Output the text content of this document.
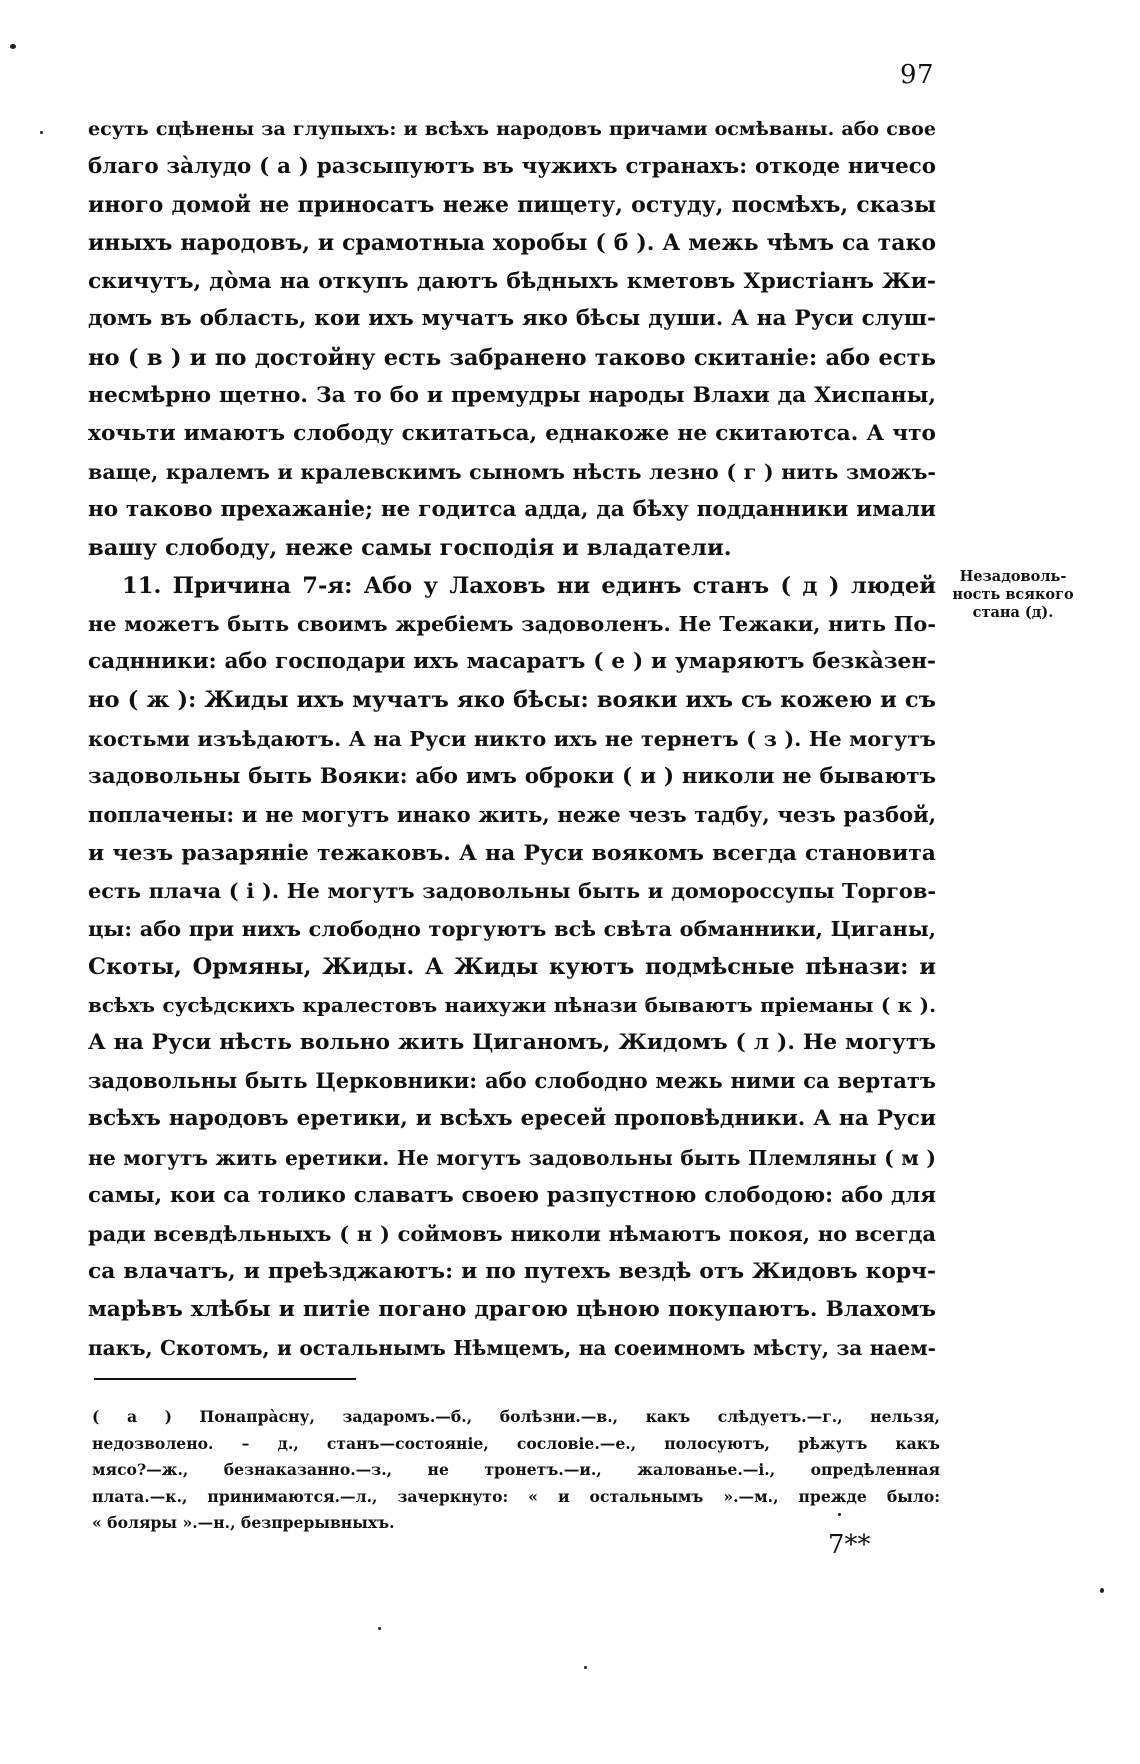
97
есуть сцѣнены за глупыхъ: и всѣхъ народовъ причами осмѣваны. або свое
благо за̀лудо ( а ) разсыпуютъ въ чужихъ странахъ: откоде ничесо
иного домой не приносатъ неже пищету, остуду, посмѣхъ, сказы
иныхъ народовъ, и срамотныа хоробы ( б ). А межь чѣмъ са тако
скичутъ, до̀ма на откупъ даютъ бѣдныхъ кметовъ Христіанъ Жи-
домъ въ область, кои ихъ мучатъ яко бѣсы души. А на Руси слуш-
но ( в ) и по достойну есть забранено таково скитаніе: або есть
несмѣрно щетно. За то бо и премудры народы Влахи да Хиспаны,
хочьти имаютъ слободу скитатьса, еднакоже не скитаютса. А что
ваще, кралемъ и кралевскимъ сыномъ нѣсть лезно ( г ) нить зможъ-
но таково прехажаніе; не годитса адда, да бѣху подданники имали
вашу слободу, неже самы господія и владатели.
11. Причина 7-я: Або у Лаховъ ни единъ станъ ( д ) людей
не можетъ быть своимъ жребіемъ задоволенъ. Не Тежаки, нить По-
саднники: або господари ихъ масаратъ ( е ) и умаряютъ безка̀зен-
но ( ж ): Жиды ихъ мучатъ яко бѣсы: вояки ихъ съ кожею и съ
костьми изъѣдаютъ. А на Руси никто ихъ не тернетъ ( з ). Не могутъ
задовольны быть Вояки: або имъ оброки ( и ) николи не бываютъ
поплачены: и не могутъ инако жить, неже чезъ тадбу, чезъ разбой,
и чезъ разаряніе тежаковъ. А на Руси воякомъ всегда становита
есть плача ( і ). Не могутъ задовольны быть и доморoccупы Торгов-
цы: або при нихъ слободно торгуютъ всѣ свѣта обманники, Циганы,
Скоты, Ормяны, Жиды. А Жиды куютъ подмѣсные пѣнази: и
всѣхъ сусѣдскихъ кралестовъ наихужи пѣнази бываютъ пріеманы ( к ).
А на Руси нѣсть вольно жить Циганомъ, Жидомъ ( л ). Не могутъ
задовольны быть Церковники: або слободно межь ними са вертатъ
всѣхъ народовъ еретики, и всѣхъ ересей проповѣдники. А на Руси
не могутъ жить еретики. Не могутъ задовольны быть Племляны ( м )
самы, кои са толико славатъ своею разпустною слободою: або для
ради всевдѣльныхъ ( н ) соймовъ николи нѣмаютъ покоя, но всегда
са влачатъ, и преѣзджаютъ: и по путехъ вездѣ отъ Жидовъ корч-
марѣвъ хлѣбы и питіе погано драгою цѣною покупаютъ. Влахомъ
пакъ, Скотомъ, и остальнымъ Нѣмцемъ, на соеимномъ мѣсту, за наем-
Незадоволь-
ность всякого
стана (д).
( а ) Понапра̀сну, задаромъ.—б., болѣзни.—в., какъ слѣдуетъ.—г., нельзя,
недозволено. – д., станъ—состояніе, сословіе.—е., полосуютъ, рѣжутъ какъ
мясо?—ж., безнаказанно.—з., не тронетъ.—и., жалованье.—і., опредѣленная
плата.—к., принимаются.—л., зачеркнуто: « и остальнымъ ».—м., прежде было:
« боляры ».—н., безпрерывныхъ.
7**
